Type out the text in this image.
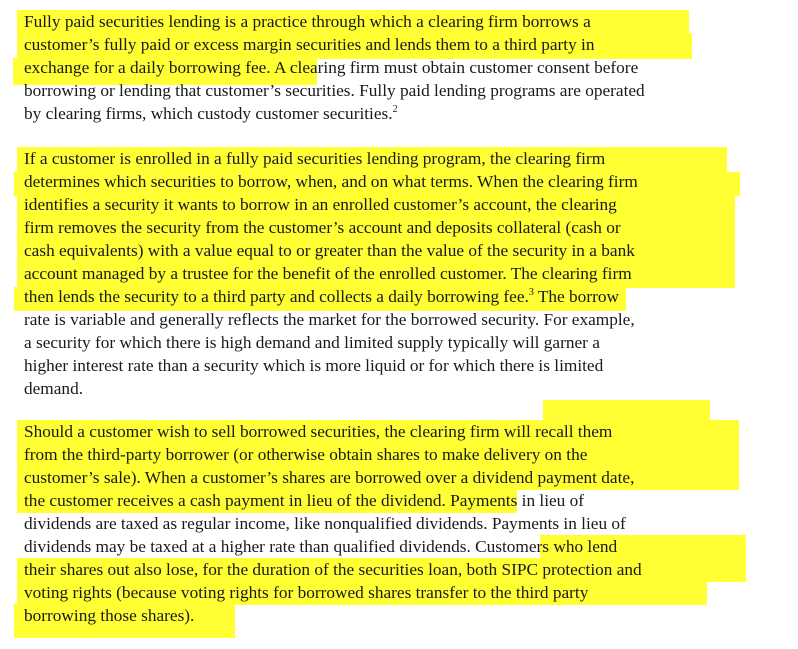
Fully paid securities lending is a practice through which a clearing firm borrows a
customer’s fully paid or excess margin securities and lends them to a third party in
exchange for a daily borrowing fee. A clearing firm must obtain customer consent before
borrowing or lending that customer’s securities. Fully paid lending programs are operated
by clearing firms, which custody customer securities.$^2$
If a customer is enrolled in a fully paid securities lending program, the clearing firm
determines which securities to borrow, when, and on what terms. When the clearing firm
identifies a security it wants to borrow in an enrolled customer’s account, the clearing
firm removes the security from the customer’s account and deposits collateral (cash or
cash equivalents) with a value equal to or greater than the value of the security in a bank
account managed by a trustee for the benefit of the enrolled customer. The clearing firm
then lends the security to a third party and collects a daily borrowing fee.$^3$ The borrow
rate is variable and generally reflects the market for the borrowed security. For example,
a security for which there is high demand and limited supply typically will garner a
higher interest rate than a security which is more liquid or for which there is limited
demand.
Should a customer wish to sell borrowed securities, the clearing firm will recall them
from the third-party borrower (or otherwise obtain shares to make delivery on the
customer’s sale). When a customer’s shares are borrowed over a dividend payment date,
the customer receives a cash payment in lieu of the dividend. Payments in lieu of
dividends are taxed as regular income, like nonqualified dividends. Payments in lieu of
dividends may be taxed at a higher rate than qualified dividends. Customers who lend
their shares out also lose, for the duration of the securities loan, both SIPC protection and
voting rights (because voting rights for borrowed shares transfer to the third party
borrowing those shares).
